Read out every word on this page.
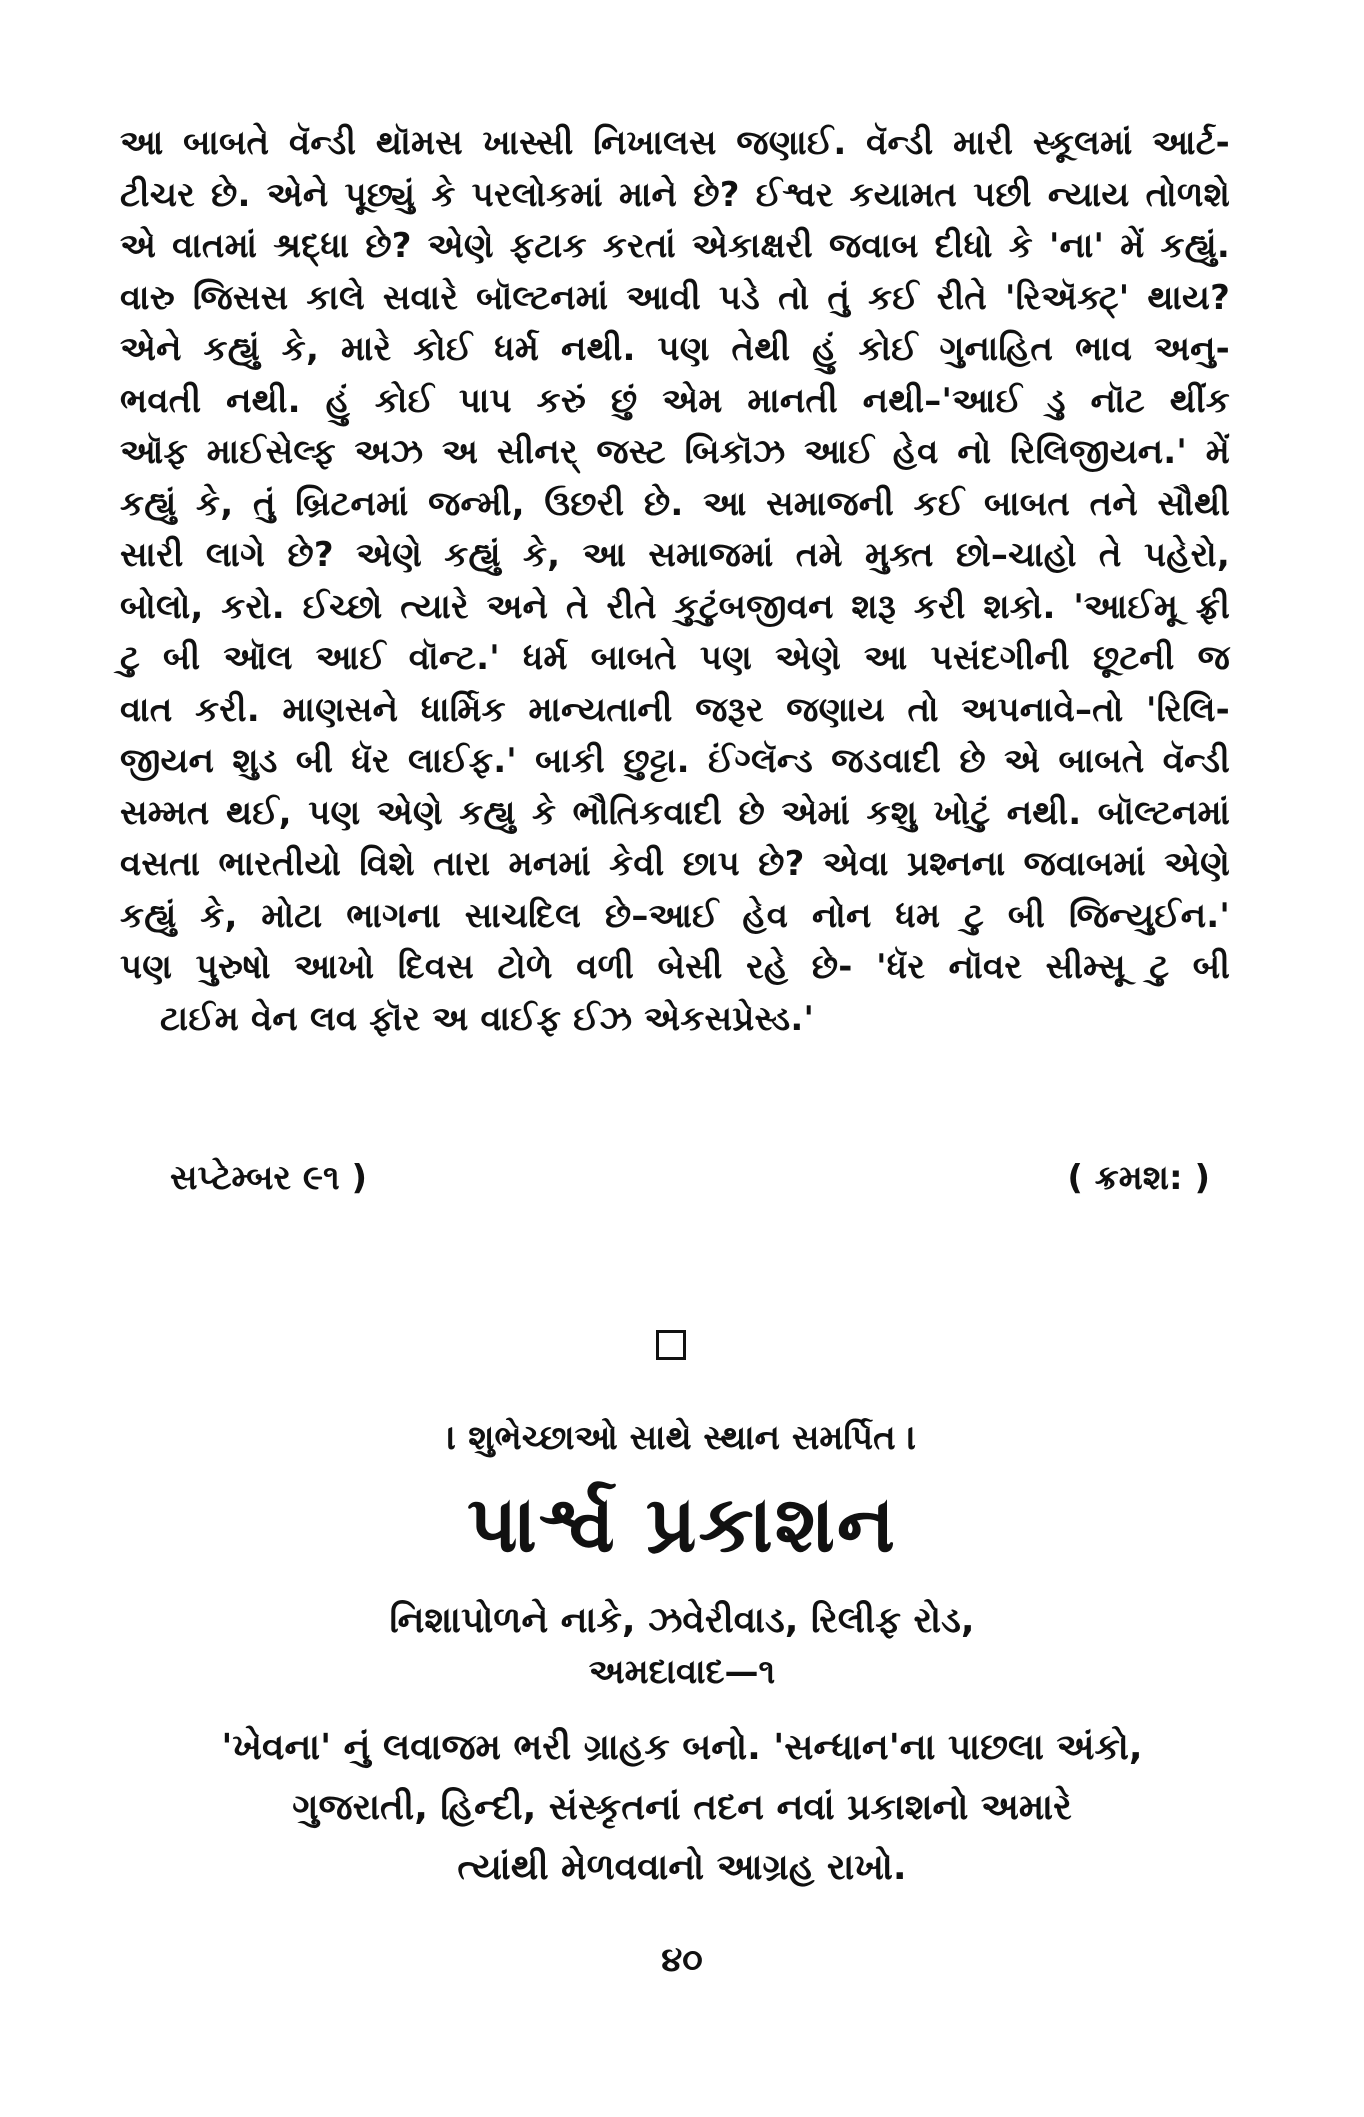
આ બાબતે વૅન્ડી થૉમસ ખાસ્સી નિખાલસ જણાઈ. વૅન્ડી મારી સ્કૂલમાં આર્ટ-
ટીચર છે. એને પૂછ્યું કે પરલોકમાં માને છે? ઈશ્વર કયામત પછી ન્યાય તોળશે
એ વાતમાં શ્રદ્ધા છે? એણે ફટાક કરતાં એકાક્ષરી જવાબ દીધો કે 'ના' મેં કહ્યું.
વારુ જિસસ કાલે સવારે બૉલ્ટનમાં આવી પડે તો તું કઈ રીતે 'રિઍક્ટ્' થાય?
એને કહ્યું કે, મારે કોઈ ધર્મ નથી. પણ તેથી હું કોઈ ગુનાહિત ભાવ અનુ-
ભવતી નથી. હું કોઈ પાપ કરું છું એમ માનતી નથી–'આઈ ડુ નૉટ થીંક
ઑફ માઈસેલ્ફ અઝ અ સીનર્ જસ્ટ બિકૉઝ આઈ હેવ નો રિલિજીયન.' મેં
કહ્યું કે, તું બ્રિટનમાં જન્મી, ઉછરી છે. આ સમાજની કઈ બાબત તને સૌથી
સારી લાગે છે? એણે કહ્યું કે, આ સમાજમાં તમે મુક્ત છો–ચાહો તે પહેરો,
બોલો, કરો. ઈચ્છો ત્યારે અને તે રીતે કુટુંબજીવન શરૂ કરી શકો. 'આઈમૂ ફ્રી
ટુ બી ઑલ આઈ વૉન્ટ.' ધર્મ બાબતે પણ એણે આ પસંદગીની છૂટની જ
વાત કરી. માણસને ધાર્મિક માન્યતાની જરૂર જણાય તો અપનાવે–તો 'રિલિ-
જીયન શુડ બી ધૅર લાઈફ.' બાકી છુટ્ટા. ઈંગ્લૅન્ડ જડવાદી છે એ બાબતે વૅન્ડી
સમ્મત થઈ, પણ એણે કહ્યુ કે ભૌતિકવાદી છે એમાં કશુ ખોટું નથી. બૉલ્ટનમાં
વસતા ભારતીયો વિશે તારા મનમાં કેવી છાપ છે? એવા પ્રશ્નના જવાબમાં એણે
કહ્યું કે, મોટા ભાગના સાચદિલ છે–આઈ હેવ નોન ધમ ટુ બી જિન્યુઈન.'
પણ પુરુષો આખો દિવસ ટોળે વળી બેસી રહે છે- 'ધૅર નૉવર સીમ્સૂ ટુ બી
ટાઈમ વેન લવ ફૉર અ વાઈફ ઈઝ એકસપ્રેસ્ડ.'
સપ્ટેમ્બર ૯૧ )	( ક્રમશ: )
। શુભેચ્છાઓ સાથે સ્થાન સમર્પિત ।
પાર્શ્વ પ્રકાશન
નિશાપોળને નાકે, ઝવેરીવાડ, રિલીફ રોડ,
અમદાવાદ—૧
'ખેવના' નું લવાજમ ભરી ગ્રાહક બનો. 'સન્ધાન'ના પાછલા અંકો,
ગુજરાતી, હિન્દી, સંસ્કૃતનાં તદન નવાં પ્રકાશનો અમારે
ત્યાંથી મેળવવાનો આગ્રહ રાખો.
૪૦
